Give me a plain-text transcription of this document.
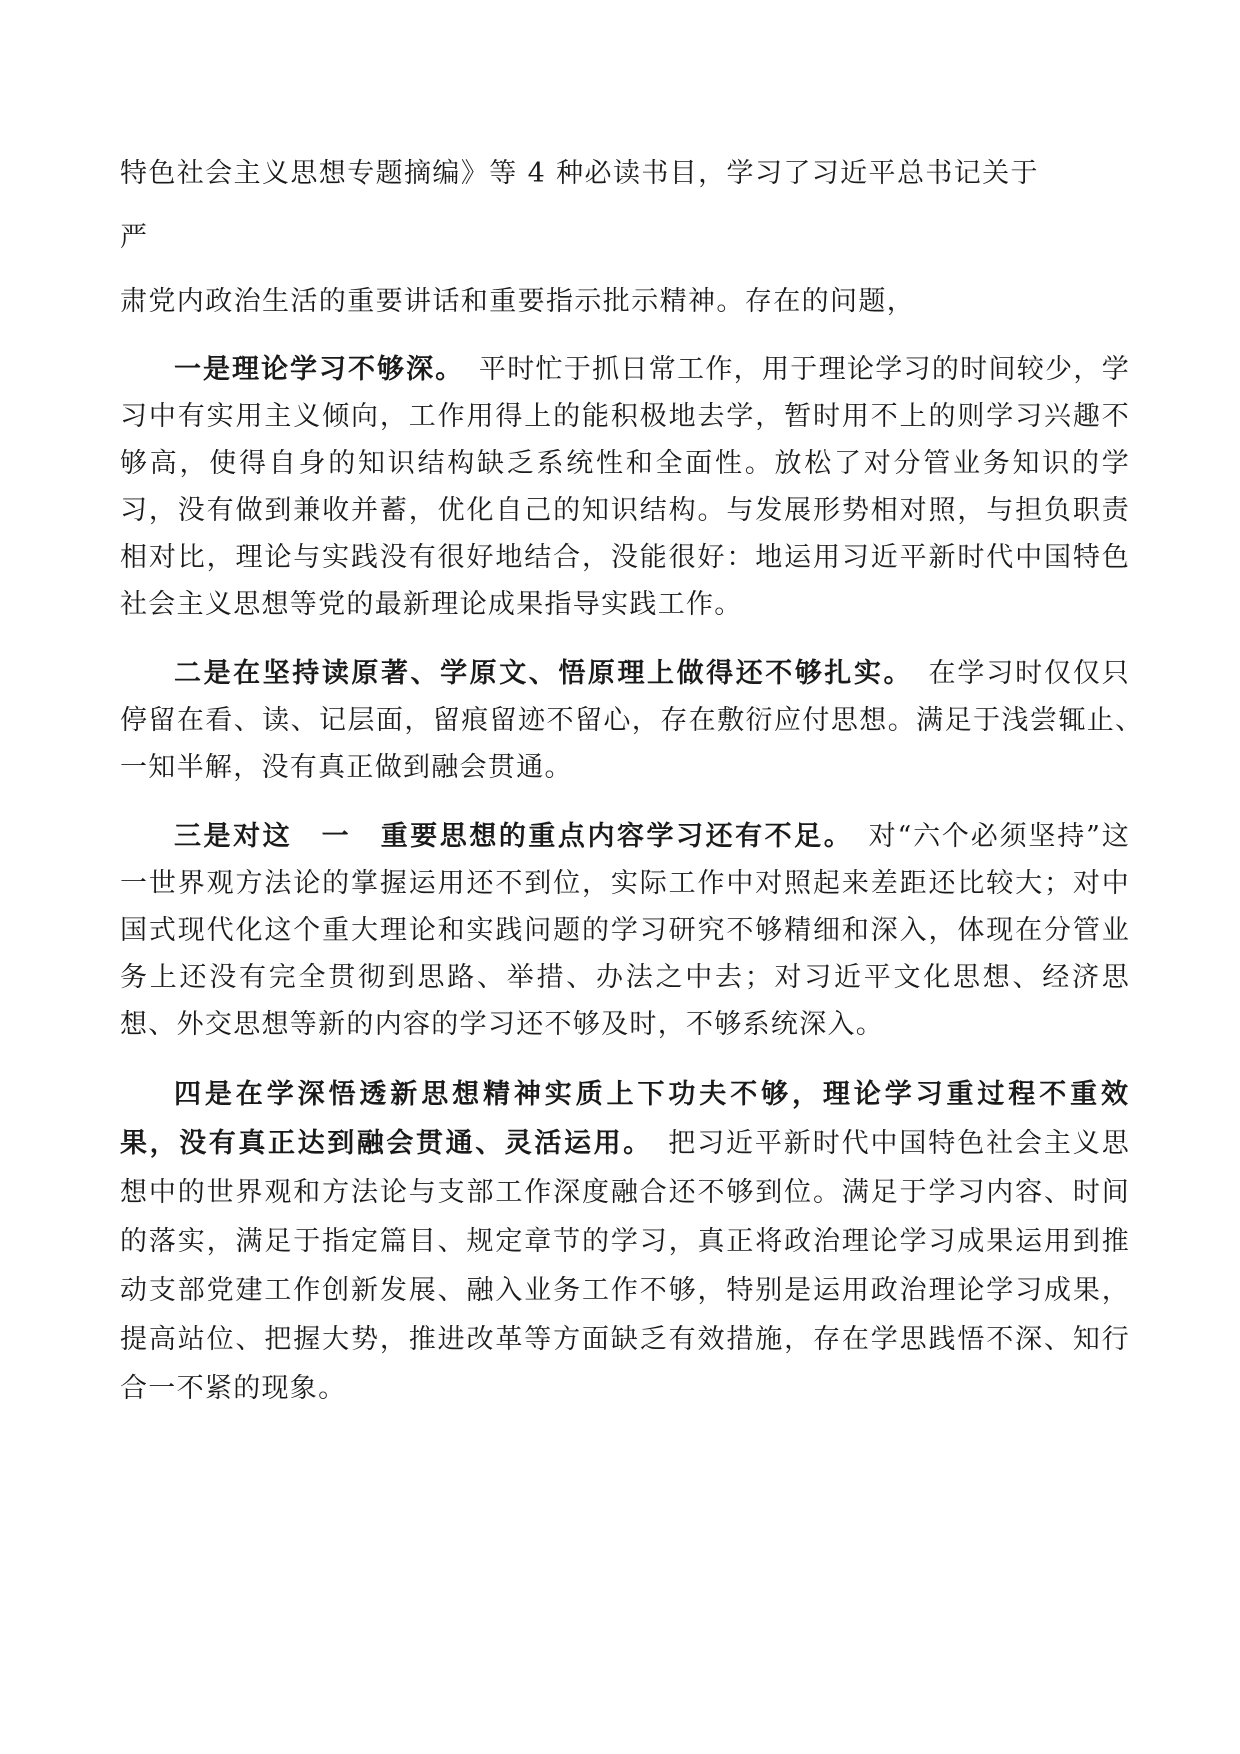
特色社会主义思想专题摘编》等 4 种必读书目，学习了习近平总书记关于

严

肃党内政治生活的重要讲话和重要指示批示精神。存在的问题，

一是理论学习不够深。　 平时忙于抓日常工作，用于理论学习的时间较少，学习中有实用主义倾向，工作用得上的能积极地去学，暂时用不上的则学习兴趣不够高，使得自身的知识结构缺乏系统性和全面性。放松了对分管业务知识的学习，没有做到兼收并蓄，优化自己的知识结构。与发展形势相对照，与担负职责相对比，理论与实践没有很好地结合，没能很好：地运用习近平新时代中国特色社会主义思想等党的最新理论成果指导实践工作。

二是在坚持读原著、学原文、悟原理上做得还不够扎实。　 在学习时仅仅只停留在看、读、记层面，留痕留迹不留心，存在敷衍应付思想。满足于浅尝辄止、　一知半解，没有真正做到融会贯通。

三是对这　一　重要思想的重点内容学习还有不足。　 对“六个必须坚持”这一世界观方法论的掌握运用还不到位，实际工作中对照起来差距还比较大；对中国式现代化这个重大理论和实践问题的学习研究不够精细和深入，体现在分管业务上还没有完全贯彻到思路、举措、办法之中去；对习近平文化思想、经济思想、外交思想等新的内容的学习还不够及时，不够系统深入。

四是在学深悟透新思想精神实质上下功夫不够，理论学习重过程不重效果，没有真正达到融会贯通、灵活运用。　 把习近平新时代中国特色社会主义思想中的世界观和方法论与支部工作深度融合还不够到位。满足于学习内容、时间的落实，满足于指定篇目、规定章节的学习，真正将政治理论学习成果运用到推动支部党建工作创新发展、融入业务工作不够，特别是运用政治理论学习成果，提高站位、把握大势，推进改革等方面缺乏有效措施，存在学思践悟不深、知行合一不紧的现象。
